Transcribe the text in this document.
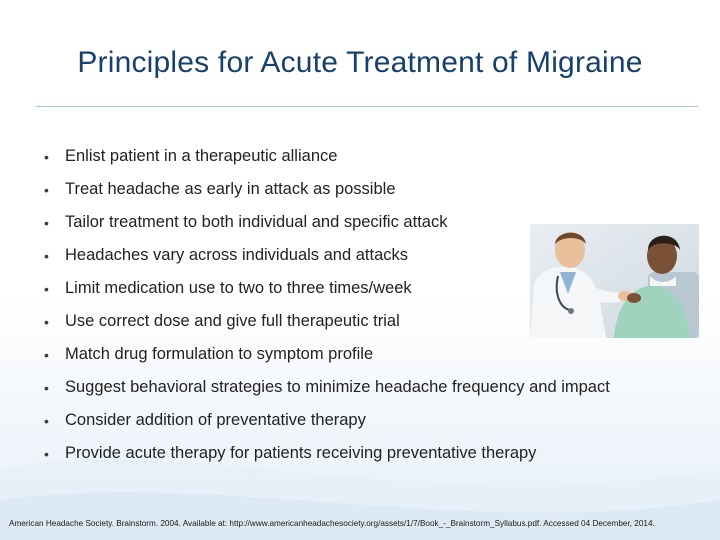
Principles for Acute Treatment of Migraine
• Enlist patient in a therapeutic alliance
• Treat headache as early in attack as possible
• Tailor treatment to both individual and specific attack
• Headaches vary across individuals and attacks
• Limit medication use to two to three times/week
• Use correct dose and give full therapeutic trial
• Match drug formulation to symptom profile
• Suggest behavioral strategies to minimize headache frequency and impact
• Consider addition of preventative therapy
• Provide acute therapy for patients receiving preventative therapy
American Headache Society. Brainstorm. 2004. Available at: http://www.americanheadachesociety.org/assets/1/7/Book_-_Brainstorm_Syllabus.pdf. Accessed 04 December, 2014.
